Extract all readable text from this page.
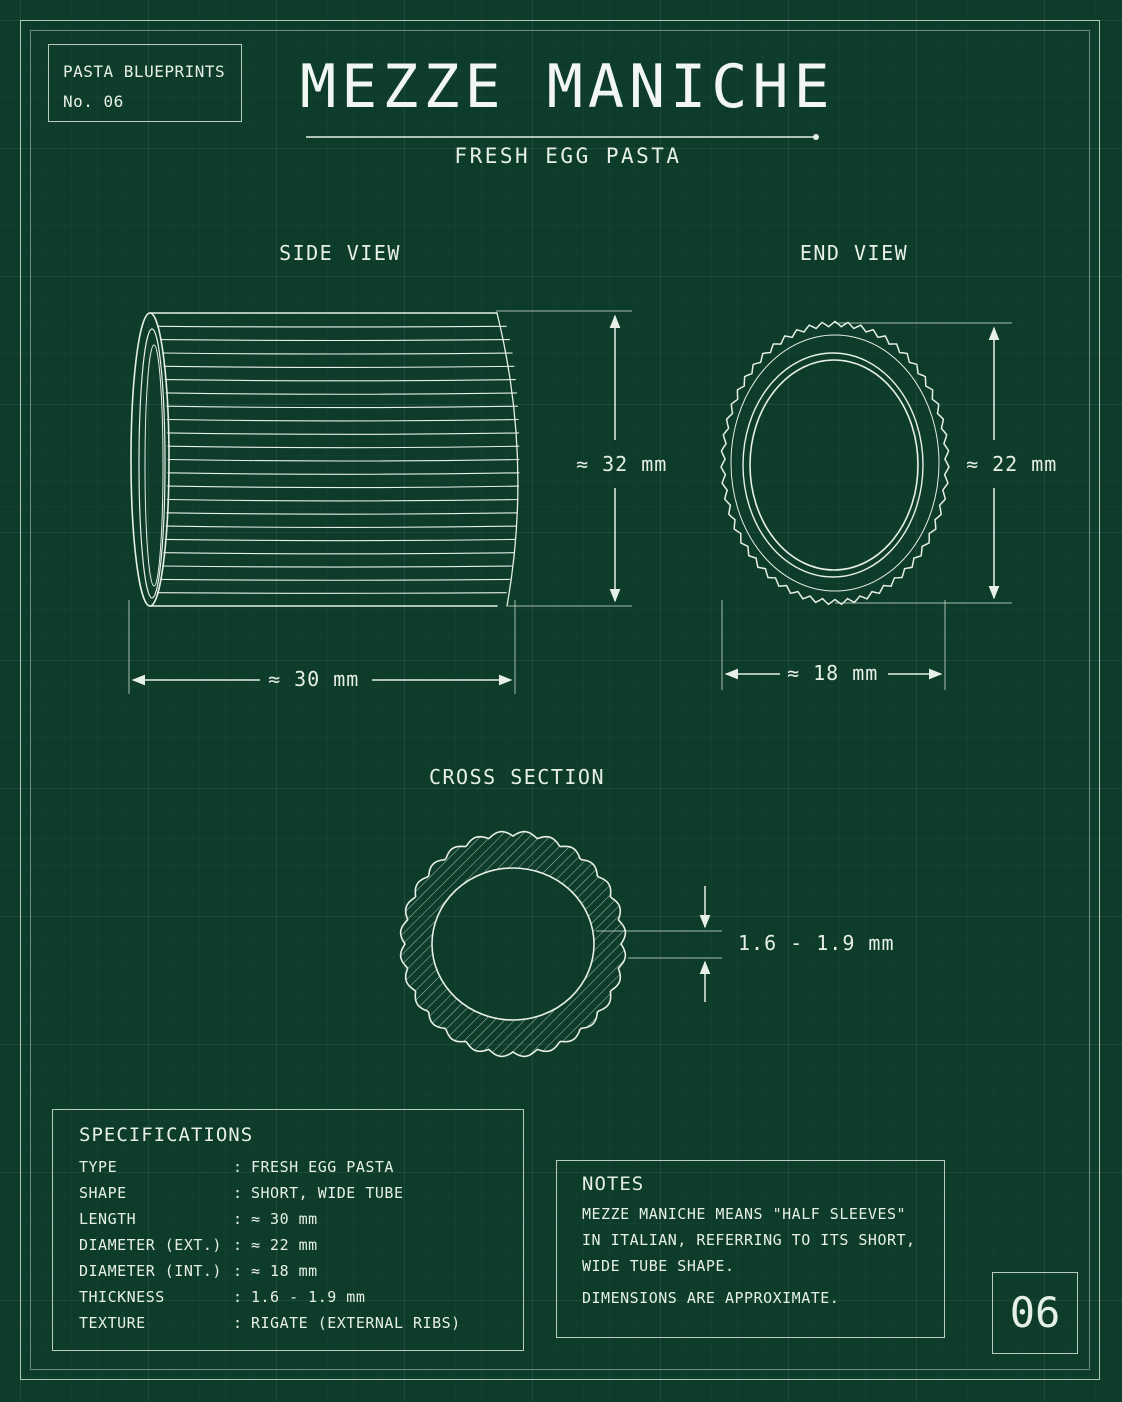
PASTA BLUEPRINTS
No. 06	MEZZE MANICHE
FRESH EGG PASTA
SIDE VIEW	END VIEW
CROSS SECTION
≈ 32 mm
≈ 30 mm
≈ 22 mm
≈ 18 mm
1.6 - 1.9 mm
SPECIFICATIONS
TYPE	: FRESH EGG PASTA
SHAPE	: SHORT, WIDE TUBE
LENGTH	: ≈ 30 mm
DIAMETER (EXT.) : ≈ 22 mm
DIAMETER (INT.) : ≈ 18 mm
THICKNESS	: 1.6 - 1.9 mm
TEXTURE	: RIGATE (EXTERNAL RIBS)
NOTES
MEZZE MANICHE MEANS "HALF SLEEVES"
IN ITALIAN, REFERRING TO ITS SHORT,
WIDE TUBE SHAPE.
DIMENSIONS ARE APPROXIMATE.	06
